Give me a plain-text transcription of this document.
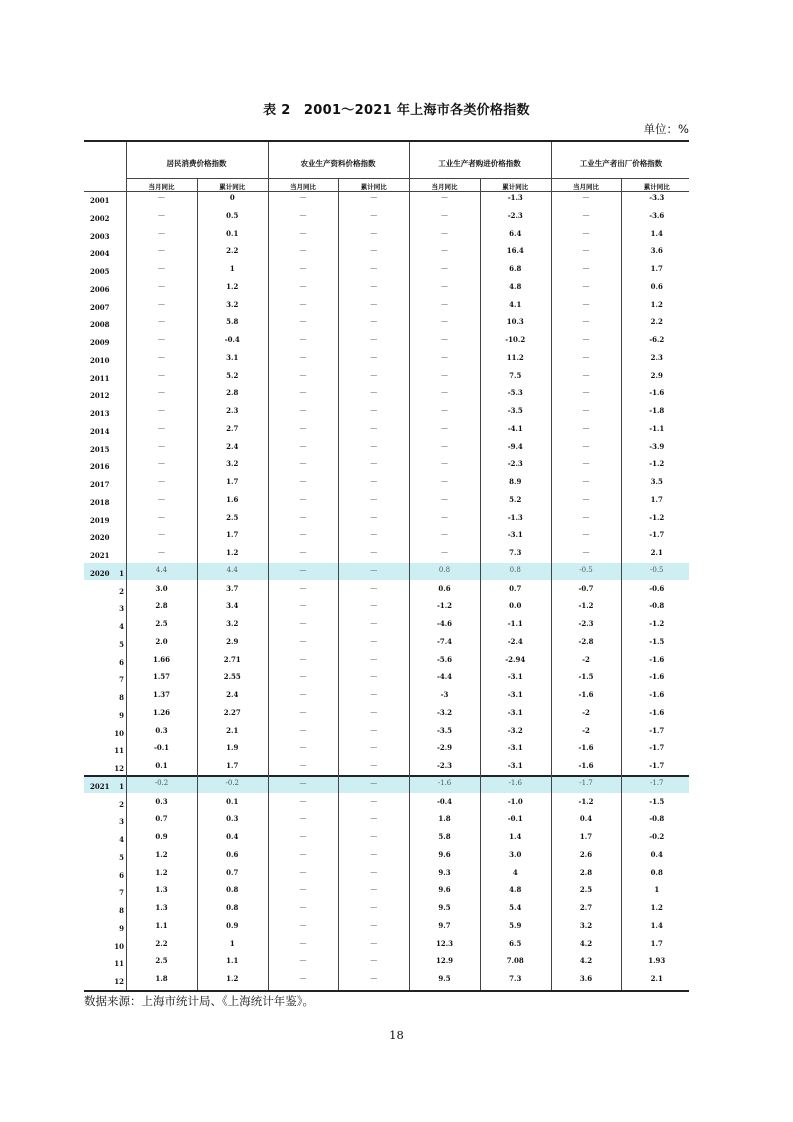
表 2　2001～2021 年上海市各类价格指数
单位：%
居民消费价格指数
当月同比	累计同比
农业生产资料价格指数
当月同比	累计同比
工业生产者购进价格指数
当月同比	累计同比
工业生产者出厂价格指数
当月同比	累计同比
2001	—	0	—	—	—	-1.3	—	-3.3
2002	—	0.5	—	—	—	-2.3	—	-3.6
2003	—	0.1	—	—	—	6.4	—	1.4
2004	—	2.2	—	—	—	16.4	—	3.6
2005	—	1	—	—	—	6.8	—	1.7
2006	—	1.2	—	—	—	4.8	—	0.6
2007	—	3.2	—	—	—	4.1	—	1.2
2008	—	5.8	—	—	—	10.3	—	2.2
2009	—	-0.4	—	—	—	-10.2	—	-6.2
2010	—	3.1	—	—	—	11.2	—	2.3
2011	—	5.2	—	—	—	7.5	—	2.9
2012	—	2.8	—	—	—	-5.3	—	-1.6
2013	—	2.3	—	—	—	-3.5	—	-1.8
2014	—	2.7	—	—	—	-4.1	—	-1.1
2015	—	2.4	—	—	—	-9.4	—	-3.9
2016	—	3.2	—	—	—	-2.3	—	-1.2
2017	—	1.7	—	—	—	8.9	—	3.5
2018	—	1.6	—	—	—	5.2	—	1.7
2019	—	2.5	—	—	—	-1.3	—	-1.2
2020	—	1.7	—	—	—	-3.1	—	-1.7
2021	—	1.2	—	—	—	7.3	—	2.1
2020	1	4.4	4.4	—	—	0.8	0.8	-0.5	-0.5
2	3.0	3.7	—	—	0.6	0.7	-0.7	-0.6
3	2.8	3.4	—	—	-1.2	0.0	-1.2	-0.8
4	2.5	3.2	—	—	-4.6	-1.1	-2.3	-1.2
5	2.0	2.9	—	—	-7.4	-2.4	-2.8	-1.5
6	1.66	2.71	—	—	-5.6	-2.94	-2	-1.6
7	1.57	2.55	—	—	-4.4	-3.1	-1.5	-1.6
8	1.37	2.4	—	—	-3	-3.1	-1.6	-1.6
9	1.26	2.27	—	—	-3.2	-3.1	-2	-1.6
10	0.3	2.1	—	—	-3.5	-3.2	-2	-1.7
11	-0.1	1.9	—	—	-2.9	-3.1	-1.6	-1.7
12	0.1	1.7	—	—	-2.3	-3.1	-1.6	-1.7
2021	1	-0.2	-0.2	—	—	-1.6	-1.6	-1.7	-1.7
2	0.3	0.1	—	—	-0.4	-1.0	-1.2	-1.5
3	0.7	0.3	—	—	1.8	-0.1	0.4	-0.8
4	0.9	0.4	—	—	5.8	1.4	1.7	-0.2
5	1.2	0.6	—	—	9.6	3.0	2.6	0.4
6	1.2	0.7	—	—	9.3	4	2.8	0.8
7	1.3	0.8	—	—	9.6	4.8	2.5	1
8	1.3	0.8	—	—	9.5	5.4	2.7	1.2
9	1.1	0.9	—	—	9.7	5.9	3.2	1.4
10	2.2	1	—	—	12.3	6.5	4.2	1.7
11	2.5	1.1	—	—	12.9	7.08	4.2	1.93
12	1.8	1.2	—	—	9.5	7.3	3.6	2.1
数据来源：上海市统计局、《上海统计年鉴》。
18
